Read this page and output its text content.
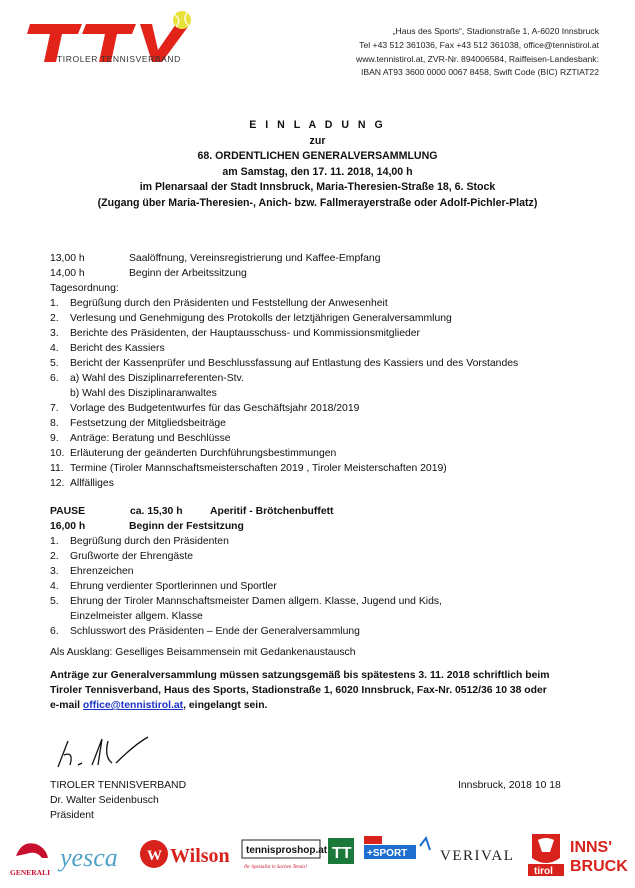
TIROLER TENNISVERBAND
„Haus des Sports“, Stadionstraße 1, A-6020 Innsbruck
Tel +43 512 361036, Fax +43 512 361038, office@tennistirol.at
www.tennistirol.at, ZVR-Nr. 894006584, Raiffeisen-Landesbank:
IBAN AT93 3600 0000 0067 8458, Swift Code (BIC) RZTIAT22
E I N L A D U N G
zur
68. ORDENTLICHEN GENERALVERSAMMLUNG
am Samstag, den 17. 11. 2018, 14,00 h
im Plenarsaal der Stadt Innsbruck, Maria-Theresien-Straße 18, 6. Stock
(Zugang über Maria-Theresien-, Anich- bzw. Fallmerayerstraße oder Adolf-Pichler-Platz)
13,00 h	Saalöffnung, Vereinsregistrierung und Kaffee-Empfang
14,00 h	Beginn der Arbeitssitzung
Tagesordnung:
1. Begrüßung durch den Präsidenten und Feststellung der Anwesenheit
2. Verlesung und Genehmigung des Protokolls der letztjährigen Generalversammlung
3. Berichte des Präsidenten, der Hauptausschuss- und Kommissionsmitglieder
4. Bericht des Kassiers
5. Bericht der Kassenprüfer und Beschlussfassung auf Entlastung des Kassiers und des Vorstandes
6. a) Wahl des Disziplinarreferenten-Stv.
b) Wahl des Disziplinaranwaltes
7. Vorlage des Budgetentwurfes für das Geschäftsjahr 2018/2019
8. Festsetzung der Mitgliedsbeiträge
9. Anträge: Beratung und Beschlüsse
10. Erläuterung der geänderten Durchführungsbestimmungen
11. Termine (Tiroler Mannschaftsmeisterschaften 2019 , Tiroler Meisterschaften 2019)
12. Allfälliges
PAUSE	ca. 15,30 h	Aperitif - Brötchenbuffett
16,00 h	Beginn der Festsitzung
1. Begrüßung durch den Präsidenten
2. Grußworte der Ehrengäste
3. Ehrenzeichen
4. Ehrung verdienter Sportlerinnen und Sportler
5. Ehrung der Tiroler Mannschaftsmeister Damen allgem. Klasse, Jugend und Kids,
Einzelmeister allgem. Klasse
6. Schlusswort des Präsidenten – Ende der Generalversammlung
Als Ausklang: Geselliges Beisammensein mit Gedankenaustausch
Anträge zur Generalversammlung müssen satzungsgemäß bis spätestens 3. 11. 2018 schriftlich beim
Tiroler Tennisverband, Haus des Sports, Stadionstraße 1, 6020 Innsbruck, Fax-Nr. 0512/36 10 38 oder
e-mail office@tennistirol.at, eingelangt sein.
TIROLER TENNISVERBAND
Dr. Walter Seidenbusch
Präsident
Innsbruck, 2018 10 18
GENERALI
yesca W Wilson tennisproshop.at
Ihr Spezialist in Sachen Tennis!
TT +SPORT VERIVAL
tirol
INNS'
BRUCK
